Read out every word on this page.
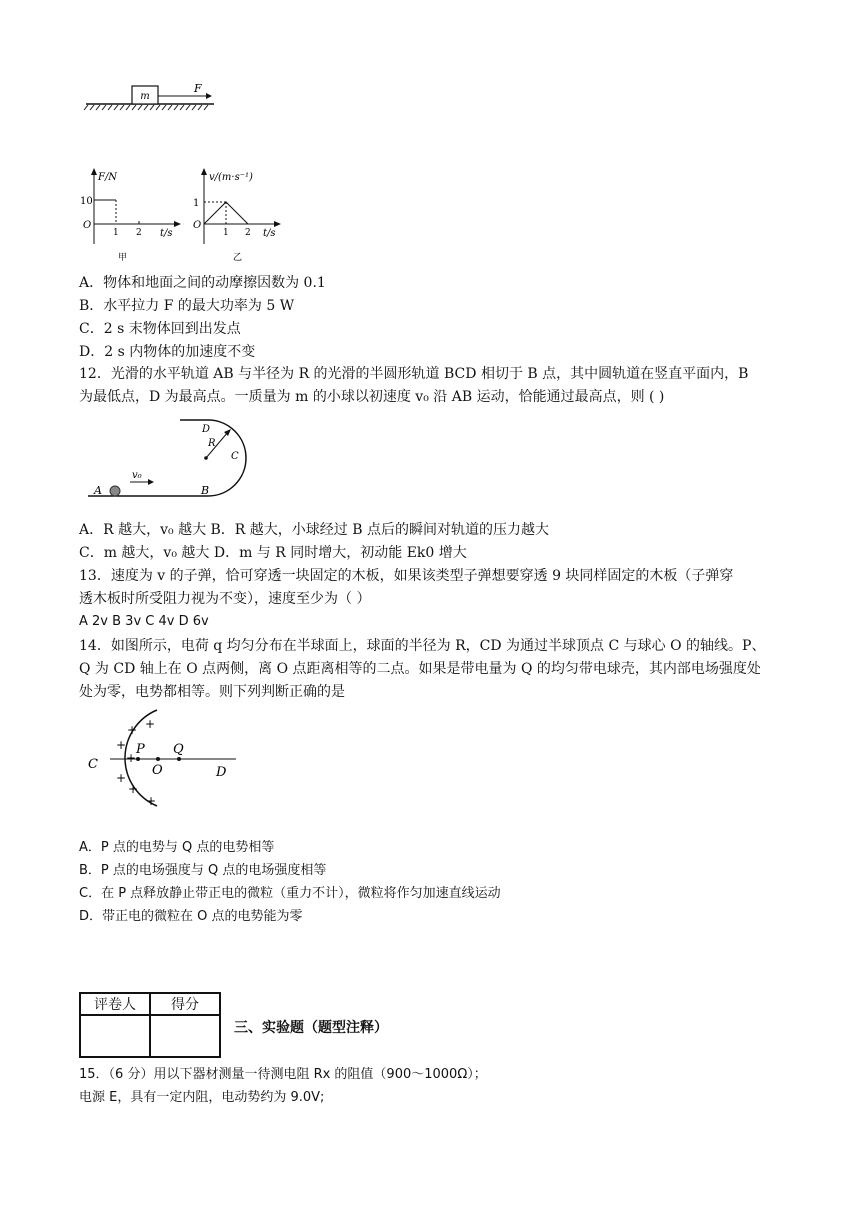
m
F
F/N
10
O
1 2 t/s
甲
v/(m·s⁻¹)
1
O
1 2 t/s
乙
A．物体和地面之间的动摩擦因数为 0.1
B．水平拉力 F 的最大功率为 5 W
C．2 s 末物体回到出发点
D．2 s 内物体的加速度不变
12．光滑的水平轨道 AB 与半径为 R 的光滑的半圆形轨道 BCD 相切于 B 点，其中圆轨道在竖直平面内，B
为最低点，D 为最高点。一质量为 m 的小球以初速度 v₀ 沿 AB 运动，恰能通过最高点，则 ( )
A
v₀
B
D
R
C
A．R 越大，v₀ 越大 B．R 越大，小球经过 B 点后的瞬间对轨道的压力越大
C．m 越大，v₀ 越大 D．m 与 R 同时增大，初动能 Ek0 增大
13．速度为 v 的子弹，恰可穿透一块固定的木板，如果该类型子弹想要穿透 9 块同样固定的木板（子弹穿
透木板时所受阻力视为不变），速度至少为（ ）
A 2v B 3v C 4v D 6v
14．如图所示，电荷 q 均匀分布在半球面上，球面的半径为 R，CD 为通过半球顶点 C 与球心 O 的轴线。P、
Q 为 CD 轴上在 O 点两侧，离 O 点距离相等的二点。如果是带电量为 Q 的均匀带电球壳，其内部电场强度处
处为零，电势都相等。则下列判断正确的是
C
P
O
Q
D
+
+
+
+
+
+
+
A．P 点的电势与 Q 点的电势相等
B．P 点的电场强度与 Q 点的电场强度相等
C．在 P 点释放静止带正电的微粒（重力不计），微粒将作匀加速直线运动
D．带正电的微粒在 O 点的电势能为零
评卷人	得分

三、实验题（题型注释）
15．（6 分）用以下器材测量一待测电阻 Rx 的阻值（900～1000Ω）；
电源 E，具有一定内阻，电动势约为 9.0V;
